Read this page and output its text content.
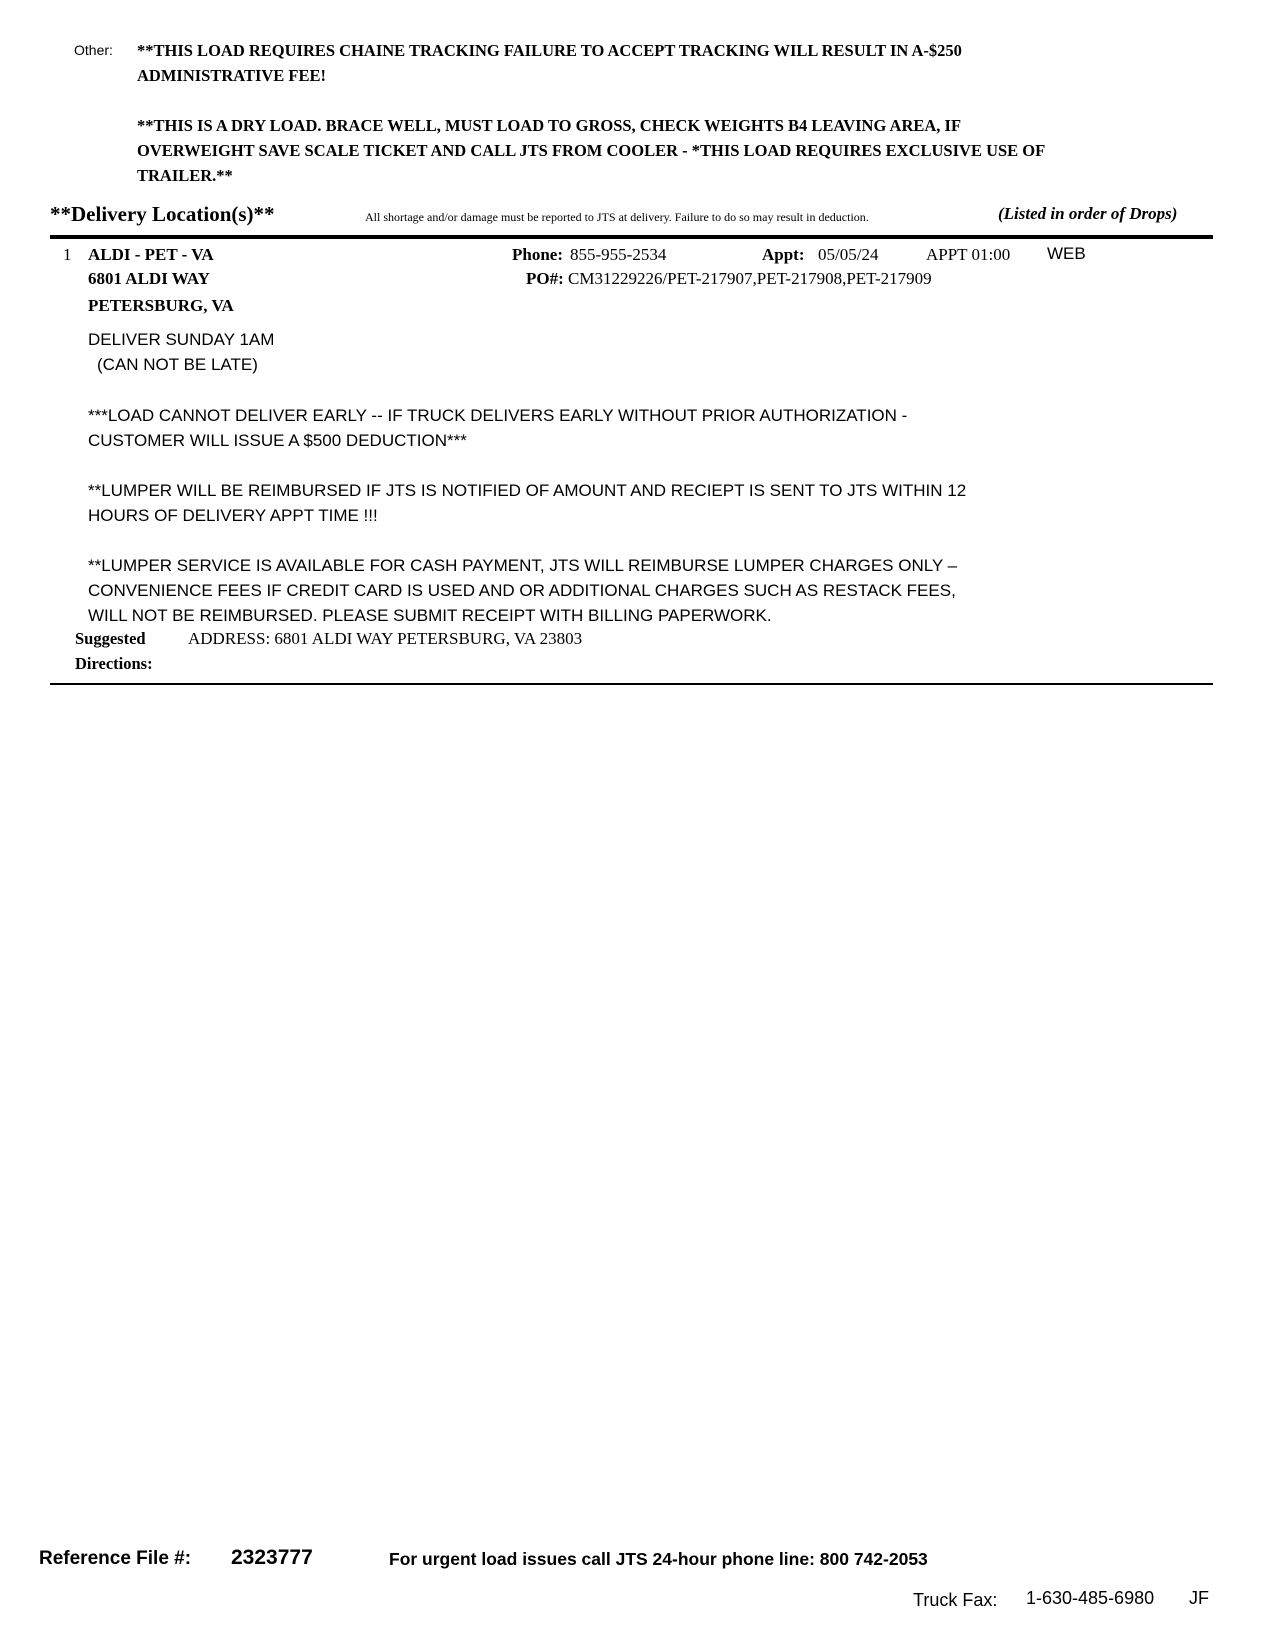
Other: **THIS LOAD REQUIRES CHAINE TRACKING FAILURE TO ACCEPT TRACKING WILL RESULT IN A-$250
ADMINISTRATIVE FEE!
**THIS IS A DRY LOAD. BRACE WELL, MUST LOAD TO GROSS, CHECK WEIGHTS B4 LEAVING AREA, IF
OVERWEIGHT SAVE SCALE TICKET AND CALL JTS FROM COOLER - *THIS LOAD REQUIRES EXCLUSIVE USE OF
TRAILER.**
**Delivery Location(s)**	All shortage and/or damage must be reported to JTS at delivery. Failure to do so may result in deduction.	(Listed in order of Drops)
1 ALDI - PET - VA
6801 ALDI WAY
PETERSBURG, VA
Phone: 855-955-2534	Appt: 05/05/24	APPT 01:00 WEB
PO#: CM31229226/PET-217907,PET-217908,PET-217909
DELIVER SUNDAY 1AM
(CAN NOT BE LATE)
***LOAD CANNOT DELIVER EARLY -- IF TRUCK DELIVERS EARLY WITHOUT PRIOR AUTHORIZATION -
CUSTOMER WILL ISSUE A $500 DEDUCTION***
**LUMPER WILL BE REIMBURSED IF JTS IS NOTIFIED OF AMOUNT AND RECIEPT IS SENT TO JTS WITHIN 12
HOURS OF DELIVERY APPT TIME !!!
**LUMPER SERVICE IS AVAILABLE FOR CASH PAYMENT, JTS WILL REIMBURSE LUMPER CHARGES ONLY –
CONVENIENCE FEES IF CREDIT CARD IS USED AND OR ADDITIONAL CHARGES SUCH AS RESTACK FEES,
WILL NOT BE REIMBURSED. PLEASE SUBMIT RECEIPT WITH BILLING PAPERWORK.
Suggested
Directions:
ADDRESS: 6801 ALDI WAY PETERSBURG, VA 23803
Reference File #: 2323777	For urgent load issues call JTS 24-hour phone line: 800 742-2053
Truck Fax: 1-630-485-6980 JF
